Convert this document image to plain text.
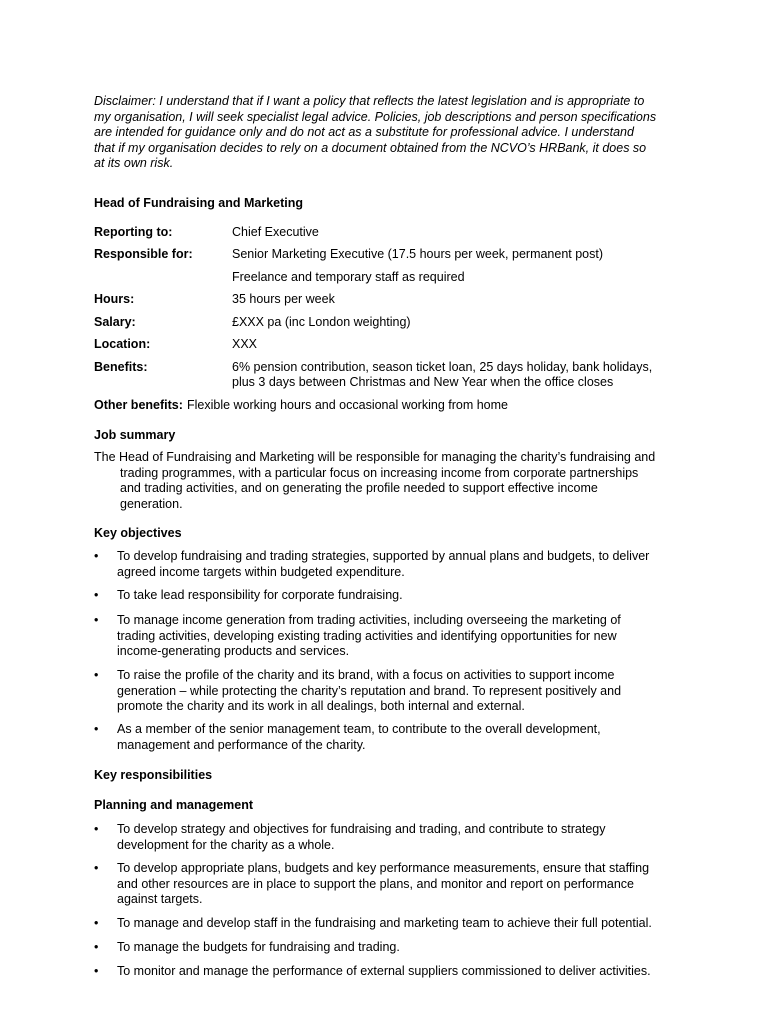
Disclaimer: I understand that if I want a policy that reflects the latest legislation and is appropriate to
my organisation, I will seek specialist legal advice. Policies, job descriptions and person specifications
are intended for guidance only and do not act as a substitute for professional advice. I understand
that if my organisation decides to rely on a document obtained from the NCVO’s HRBank, it does so
at its own risk.
Head of Fundraising and Marketing
Reporting to:	Chief Executive
Responsible for:	Senior Marketing Executive (17.5 hours per week, permanent post)
Freelance and temporary staff as required
Hours:	35 hours per week
Salary:	£XXX pa (inc London weighting)
Location:	XXX
Benefits:	6% pension contribution, season ticket loan, 25 days holiday, bank holidays,
plus 3 days between Christmas and New Year when the office closes
Other benefits: Flexible working hours and occasional working from home
Job summary
The Head of Fundraising and Marketing will be responsible for managing the charity’s fundraising and
trading programmes, with a particular focus on increasing income from corporate partnerships
and trading activities, and on generating the profile needed to support effective income
generation.
Key objectives
• To develop fundraising and trading strategies, supported by annual plans and budgets, to deliver
agreed income targets within budgeted expenditure.
• To take lead responsibility for corporate fundraising.
• To manage income generation from trading activities, including overseeing the marketing of
trading activities, developing existing trading activities and identifying opportunities for new
income-generating products and services.
• To raise the profile of the charity and its brand, with a focus on activities to support income
generation – while protecting the charity’s reputation and brand. To represent positively and
promote the charity and its work in all dealings, both internal and external.
• As a member of the senior management team, to contribute to the overall development,
management and performance of the charity.
Key responsibilities
Planning and management
• To develop strategy and objectives for fundraising and trading, and contribute to strategy
development for the charity as a whole.
• To develop appropriate plans, budgets and key performance measurements, ensure that staffing
and other resources are in place to support the plans, and monitor and report on performance
against targets.
• To manage and develop staff in the fundraising and marketing team to achieve their full potential.
• To manage the budgets for fundraising and trading.
• To monitor and manage the performance of external suppliers commissioned to deliver activities.
